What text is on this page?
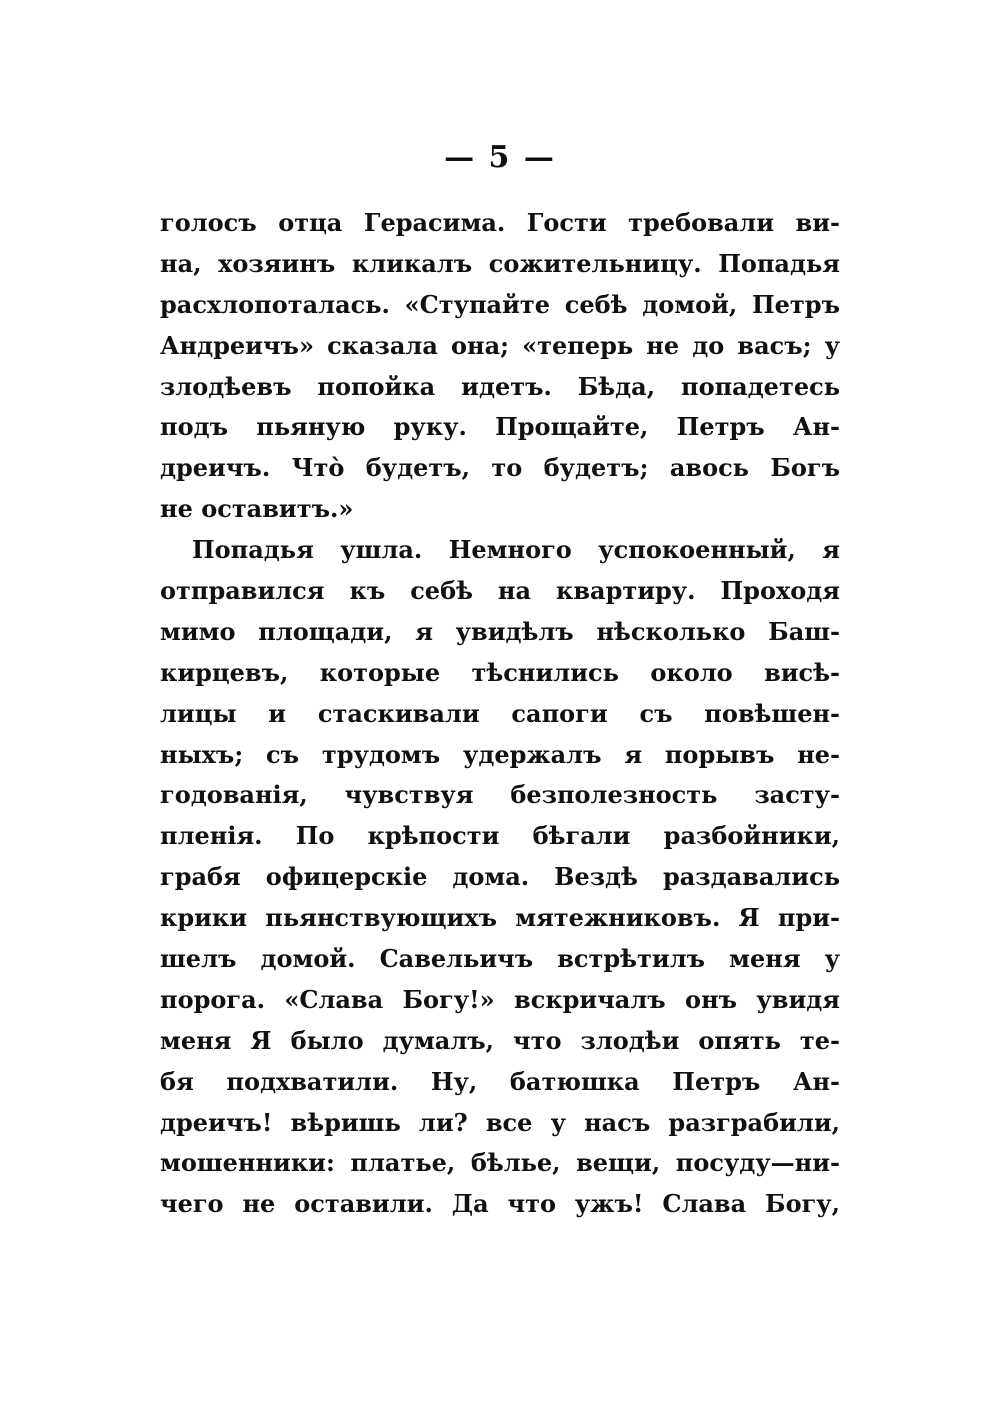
— 5 —
голосъ отца Герасима. Гости требовали ви-
на, хозяинъ кликалъ сожительницу. Попадья
расхлопоталась. «Ступайте себѣ домой, Петръ
Андреичъ» сказала она; «теперь не до васъ; у
злодѣевъ попойка идетъ. Бѣда, попадетесь
подъ пьяную руку. Прощайте, Петръ Ан-
дреичъ. Что̀ будетъ, то будетъ; авось Богъ
не оставитъ.»
Попадья ушла. Немного успокоенный, я
отправился къ себѣ на квартиру. Проходя
мимо площади, я увидѣлъ нѣсколько Баш-
кирцевъ, которые тѣснились около висѣ-
лицы и стаскивали сапоги съ повѣшен-
ныхъ; съ трудомъ удержалъ я порывъ не-
годованія, чувствуя безполезность засту-
пленія. По крѣпости бѣгали разбойники,
грабя офицерскіе дома. Вездѣ раздавались
крики пьянствующихъ мятежниковъ. Я при-
шелъ домой. Савельичъ встрѣтилъ меня у
порога. «Слава Богу!» вскричалъ онъ увидя
меня Я было думалъ, что злодѣи опять те-
бя подхватили. Ну, батюшка Петръ Ан-
дреичъ! вѣришь ли? все у насъ разграбили,
мошенники: платье, бѣлье, вещи, посуду—ни-
чего не оставили. Да что ужъ! Слава Богу,
